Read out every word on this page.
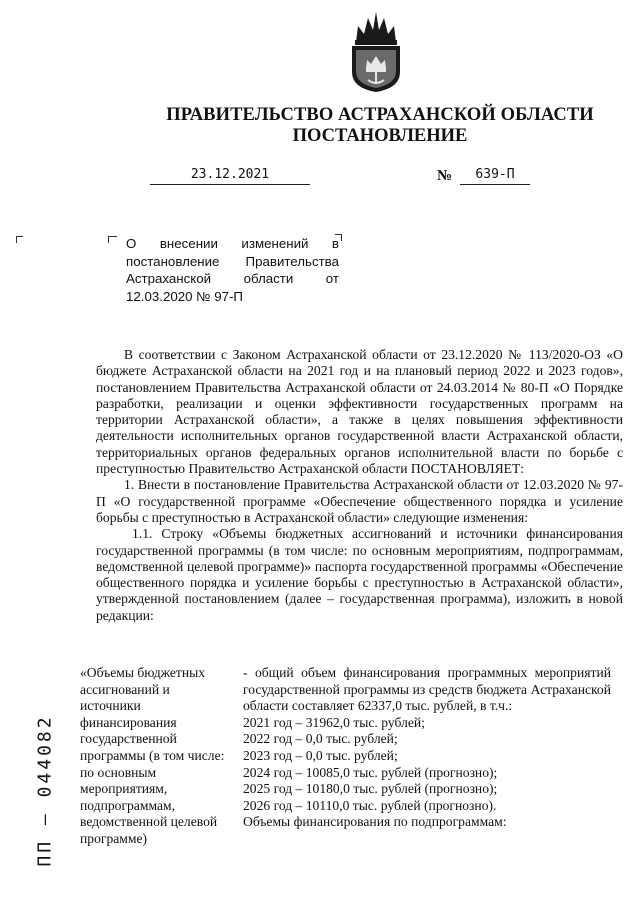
ПРАВИТЕЛЬСТВО АСТРАХАНСКОЙ ОБЛАСТИ
ПОСТАНОВЛЕНИЕ
23.12.2021	№	639-П

О внесении изменений в постановление Правительства Астраханской области от 12.03.2020 № 97-П

В соответствии с Законом Астраханской области от 23.12.2020 № 113/2020-ОЗ «О бюджете Астраханской области на 2021 год и на плановый период 2022 и 2023 годов», постановлением Правительства Астраханской области от 24.03.2014 № 80-П «О Порядке разработки, реализации и оценки эффективности государственных программ на территории Астраханской области», а также в целях повышения эффективности деятельности исполнительных органов государственной власти Астраханской области, территориальных органов федеральных органов исполнительной власти по борьбе с преступностью Правительство Астраханской области ПОСТАНОВЛЯЕТ:

1. Внести в постановление Правительства Астраханской области от 12.03.2020 № 97-П «О государственной программе «Обеспечение общественного порядка и усиление борьбы с преступностью в Астраханской области» следующие изменения:

1.1. Строку «Объемы бюджетных ассигнований и источники финансирования государственной программы (в том числе: по основным мероприятиям, подпрограммам, ведомственной целевой программе)» паспорта государственной программы «Обеспечение общественного порядка и усиление борьбы с преступностью в Астраханской области», утвержденной постановлением (далее – государственная программа), изложить в новой редакции:

«Объемы бюджетных ассигнований и источники финансирования государственной программы (в том числе: по основным мероприятиям, подпрограммам, ведомственной целевой программе)

- общий объем финансирования программных мероприятий государственной программы из средств бюджета Астраханской области составляет 62337,0 тыс. рублей, в т.ч.:

2021 год – 31962,0 тыс. рублей;
2022 год – 0,0 тыс. рублей;
2023 год – 0,0 тыс. рублей;
2024 год – 10085,0 тыс. рублей (прогнозно);
2025 год – 10180,0 тыс. рублей (прогнозно);
2026 год – 10110,0 тыс. рублей (прогнозно).

Объемы финансирования по подпрограммам:

ПП – 044082
